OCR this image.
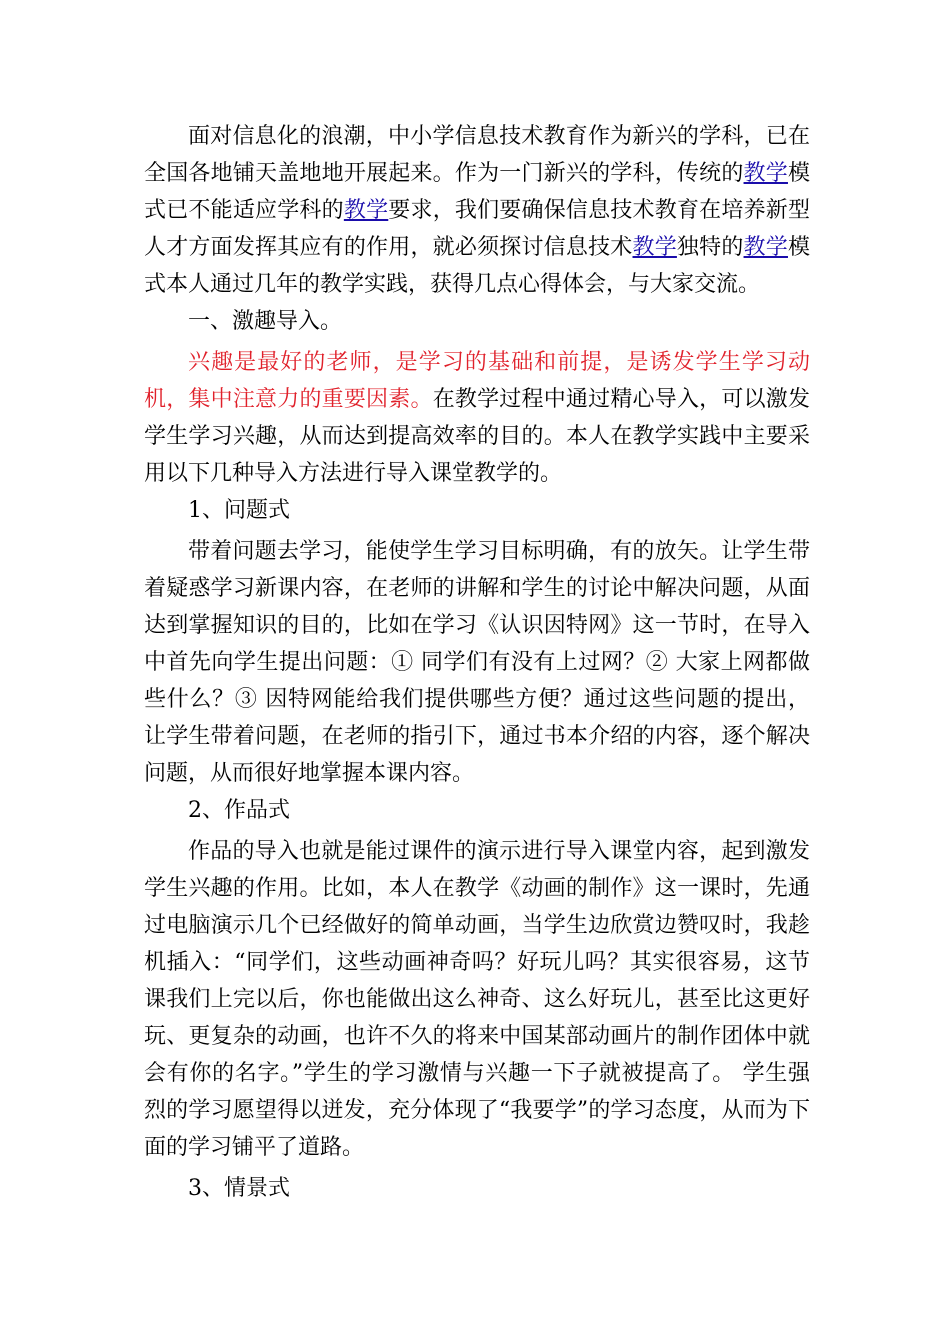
面对信息化的浪潮，中小学信息技术教育作为新兴的学科，已在全国各地铺天盖地地开展起来。作为一门新兴的学科，传统的教学模式已不能适应学科的教学要求，我们要确保信息技术教育在培养新型人才方面发挥其应有的作用，就必须探讨信息技术教学独特的教学模式本人通过几年的教学实践，获得几点心得体会，与大家交流。

一、激趣导入。

兴趣是最好的老师，是学习的基础和前提，是诱发学生学习动机，集中注意力的重要因素。在教学过程中通过精心导入，可以激发学生学习兴趣，从而达到提高效率的目的。本人在教学实践中主要采用以下几种导入方法进行导入课堂教学的。

1、问题式

带着问题去学习，能使学生学习目标明确，有的放矢。让学生带着疑惑学习新课内容，在老师的讲解和学生的讨论中解决问题，从面达到掌握知识的目的，比如在学习《认识因特网》这一节时，在导入中首先向学生提出问题：① 同学们有没有上过网？② 大家上网都做些什么？③ 因特网能给我们提供哪些方便？通过这些问题的提出，让学生带着问题，在老师的指引下，通过书本介绍的内容，逐个解决问题，从而很好地掌握本课内容。

2、作品式

作品的导入也就是能过课件的演示进行导入课堂内容，起到激发学生兴趣的作用。比如，本人在教学《动画的制作》这一课时，先通过电脑演示几个已经做好的简单动画，当学生边欣赏边赞叹时，我趁机插入：“同学们，这些动画神奇吗？好玩儿吗？其实很容易，这节课我们上完以后，你也能做出这么神奇、这么好玩儿，甚至比这更好玩、更复杂的动画，也许不久的将来中国某部动画片的制作团体中就会有你的名字。”学生的学习激情与兴趣一下子就被提高了。 学生强烈的学习愿望得以迸发，充分体现了“我要学”的学习态度，从而为下面的学习铺平了道路。

3、情景式
